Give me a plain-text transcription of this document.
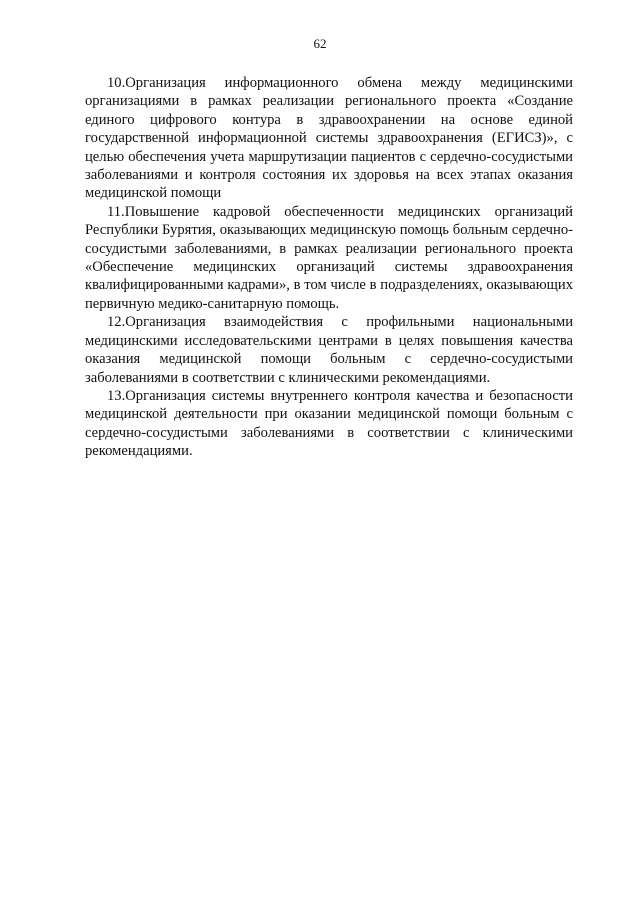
62

10.Организация информационного обмена между медицинскими организациями в рамках реализации регионального проекта «Создание единого цифрового контура в здравоохранении на основе единой государственной информационной системы здравоохранения (ЕГИСЗ)», с целью обеспечения учета маршрутизации пациентов с сердечно-сосудистыми заболеваниями и контроля состояния их здоровья на всех этапах оказания медицинской помощи

11.Повышение кадровой обеспеченности медицинских организаций Республики Бурятия, оказывающих медицинскую помощь больным сердечно-сосудистыми заболеваниями, в рамках реализации регионального проекта «Обеспечение медицинских организаций системы здравоохранения квалифицированными кадрами», в том числе в подразделениях, оказывающих первичную медико-санитарную помощь.

12.Организация взаимодействия с профильными национальными медицинскими исследовательскими центрами в целях повышения качества оказания медицинской помощи больным с сердечно-сосудистыми заболеваниями в соответствии с клиническими рекомендациями.

13.Организация системы внутреннего контроля качества и безопасности медицинской деятельности при оказании медицинской помощи больным с сердечно-сосудистыми заболеваниями в соответствии с клиническими рекомендациями.
